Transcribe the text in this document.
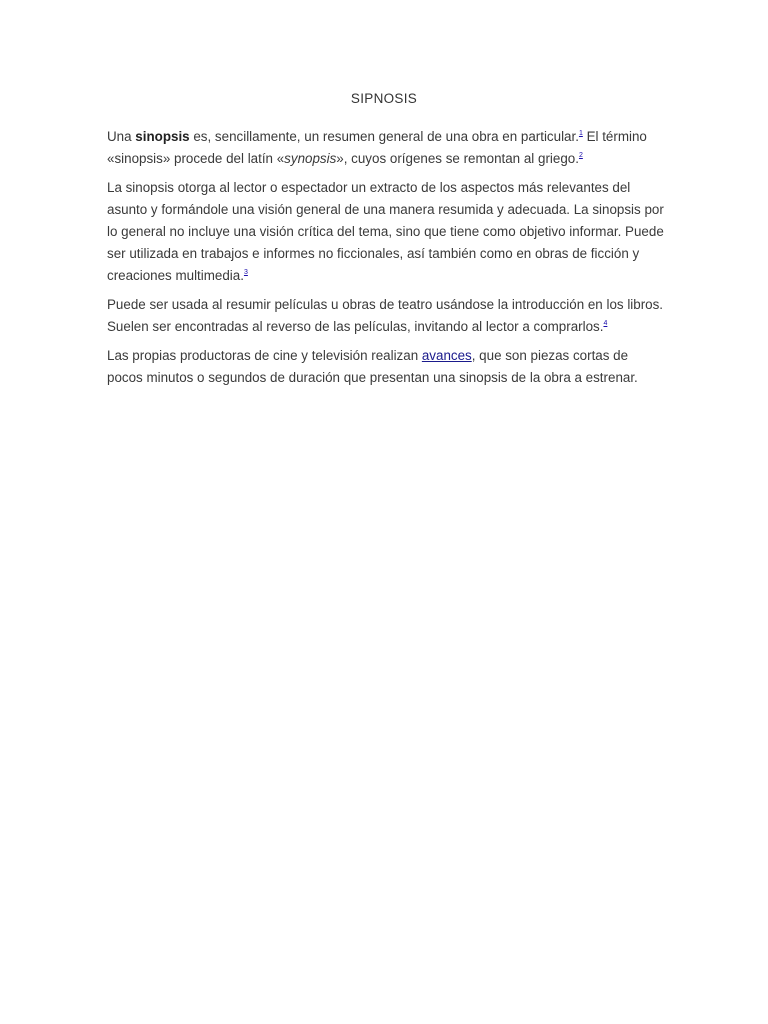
SIPNOSIS

Una sinopsis es, sencillamente, un resumen general de una obra en particular.$^1$ El término «sinopsis» procede del latín «synopsis», cuyos orígenes se remontan al griego.$^2$

La sinopsis otorga al lector o espectador un extracto de los aspectos más relevantes del asunto y formándole una visión general de una manera resumida y adecuada. La sinopsis por lo general no incluye una visión crítica del tema, sino que tiene como objetivo informar. Puede ser utilizada en trabajos e informes no ficcionales, así también como en obras de ficción y creaciones multimedia.$^3$

Puede ser usada al resumir películas u obras de teatro usándose la introducción en los libros. Suelen ser encontradas al reverso de las películas, invitando al lector a comprarlos.$^4$

Las propias productoras de cine y televisión realizan avances, que son piezas cortas de pocos minutos o segundos de duración que presentan una sinopsis de la obra a estrenar.
